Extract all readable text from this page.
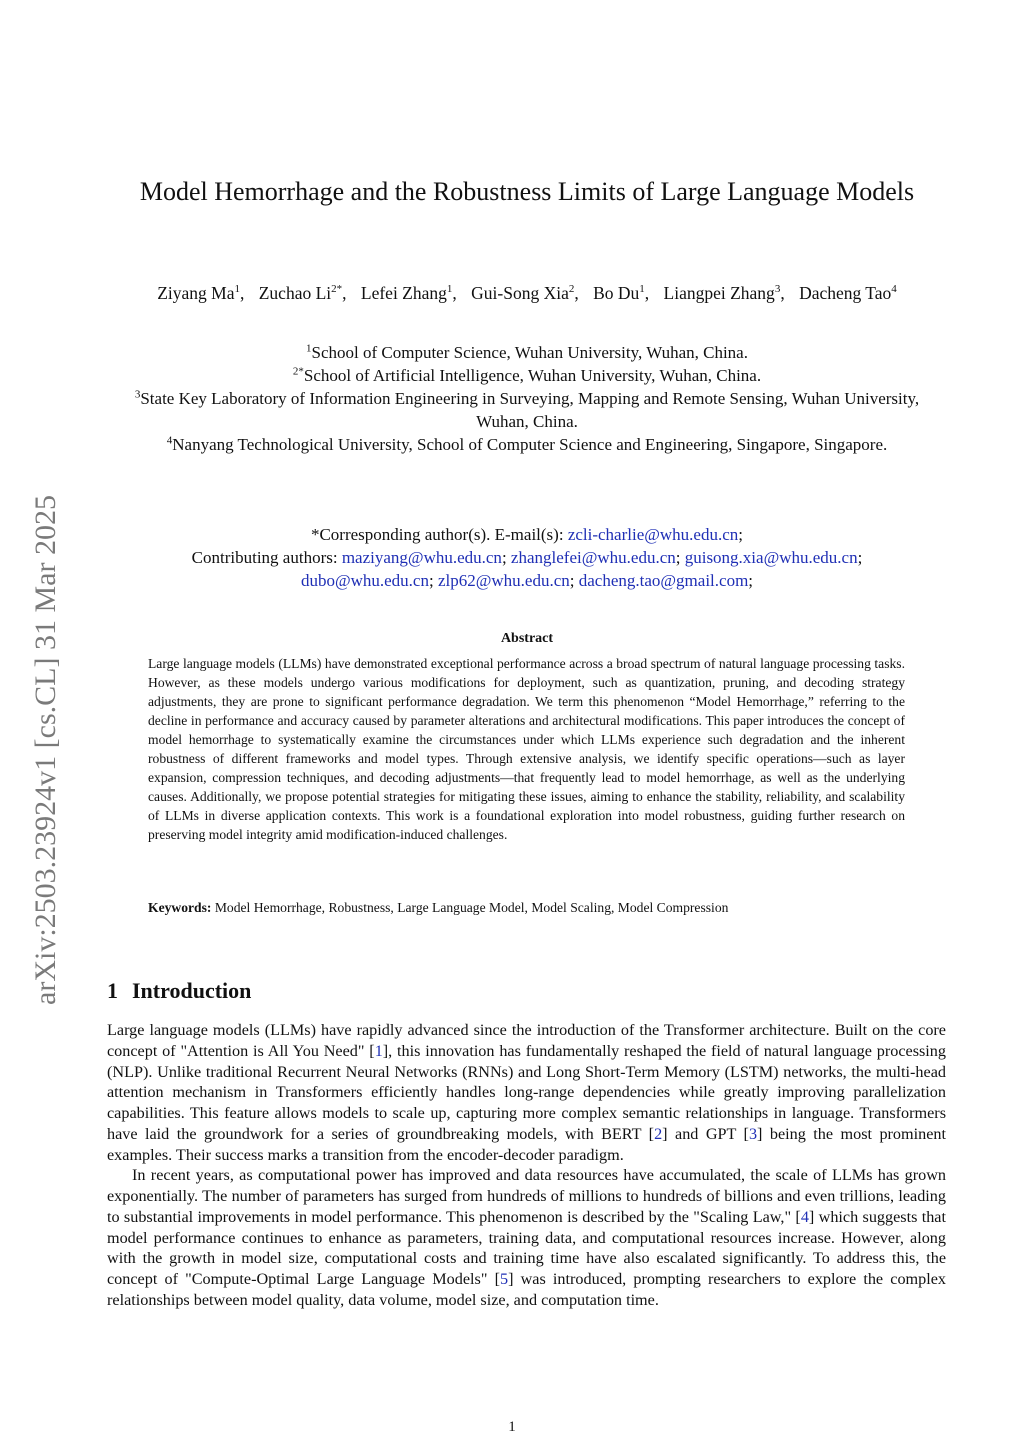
arXiv:2503.23924v1 [cs.CL] 31 Mar 2025
Model Hemorrhage and the Robustness Limits of Large Language Models
Ziyang Ma$^1$, Zuchao $Li^{2*}$, Lefei Zhang$^1$, Gui-Song Xia$^2$, Bo Du$^1$, Liangpei Zhang$^3$, Dacheng Tao$^4$
$^1$School of Computer Science, Wuhan University, Wuhan, China.
$^{2*}$School of Artificial Intelligence, Wuhan University, Wuhan, China.
$^3$State Key Laboratory of Information Engineering in Surveying, Mapping and Remote Sensing, Wuhan University, Wuhan, China.
$^4$Nanyang Technological University, School of Computer Science and Engineering, Singapore, Singapore.
*Corresponding author(s). E-mail(s): zcli-charlie@whu.edu.cn;
Contributing authors: maziyang@whu.edu.cn; zhanglefei@whu.edu.cn; guisong.xia@whu.edu.cn;
dubo@whu.edu.cn; zlp62@whu.edu.cn; dacheng.tao@gmail.com;
Abstract

Large language models (LLMs) have demonstrated exceptional performance across a broad spectrum of natural language processing tasks. However, as these models undergo various modifications for deployment, such as quantization, pruning, and decoding strategy adjustments, they are prone to significant performance degradation. We term this phenomenon “Model Hemorrhage,” referring to the decline in performance and accuracy caused by parameter alterations and architectural modifications. This paper introduces the concept of model hemorrhage to systematically examine the circumstances under which LLMs experience such degradation and the inherent robustness of different frameworks and model types. Through extensive analysis, we identify specific operations—such as layer expansion, compression techniques, and decoding adjustments—that frequently lead to model hemorrhage, as well as the underlying causes. Additionally, we propose potential strategies for mitigating these issues, aiming to enhance the stability, reliability, and scalability of LLMs in diverse application contexts. This work is a foundational exploration into model robustness, guiding further research on preserving model integrity amid modification-induced challenges.

Keywords: Model Hemorrhage, Robustness, Large Language Model, Model Scaling, Model Compression
1 Introduction

Large language models (LLMs) have rapidly advanced since the introduction of the Transformer architecture. Built on the core concept of "Attention is All You Need" [1], this innovation has fundamentally reshaped the field of natural language processing (NLP). Unlike traditional Recurrent Neural Networks (RNNs) and Long Short-Term Memory (LSTM) networks, the multi-head attention mechanism in Transformers efficiently handles long-range dependencies while greatly improving parallelization capabilities. This feature allows models to scale up, capturing more complex semantic relationships in language. Transformers have laid the groundwork for a series of groundbreaking models, with BERT [2] and GPT [3] being the most prominent examples. Their success marks a transition from the encoder-decoder paradigm.

In recent years, as computational power has improved and data resources have accumulated, the scale of LLMs has grown exponentially. The number of parameters has surged from hundreds of millions to hundreds of billions and even trillions, leading to substantial improvements in model performance. This phenomenon is described by the "Scaling Law," [4] which suggests that model performance continues to enhance as parameters, training data, and computational resources increase. However, along with the growth in model size, computational costs and training time have also escalated significantly. To address this, the concept of "Compute-Optimal Large Language Models" [5] was introduced, prompting researchers to explore the complex relationships between model quality, data volume, model size, and computation time.

1
